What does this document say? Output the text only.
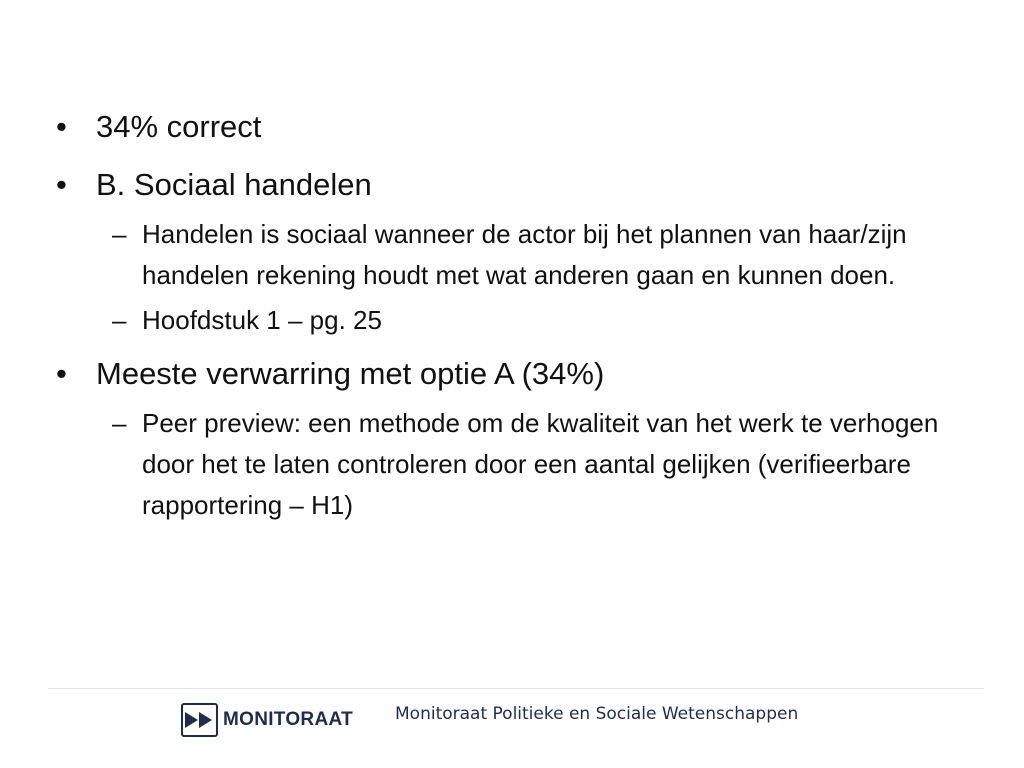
• 34% correct
• B. Sociaal handelen
– Handelen is sociaal wanneer de actor bij het plannen van haar/zijn handelen rekening houdt met wat anderen gaan en kunnen doen.
– Hoofdstuk 1 – pg. 25
• Meeste verwarring met optie A (34%)
– Peer preview: een methode om de kwaliteit van het werk te verhogen door het te laten controleren door een aantal gelijken (verifieerbare rapportering – H1)
MONITORAAT Monitoraat Politieke en Sociale Wetenschappen
